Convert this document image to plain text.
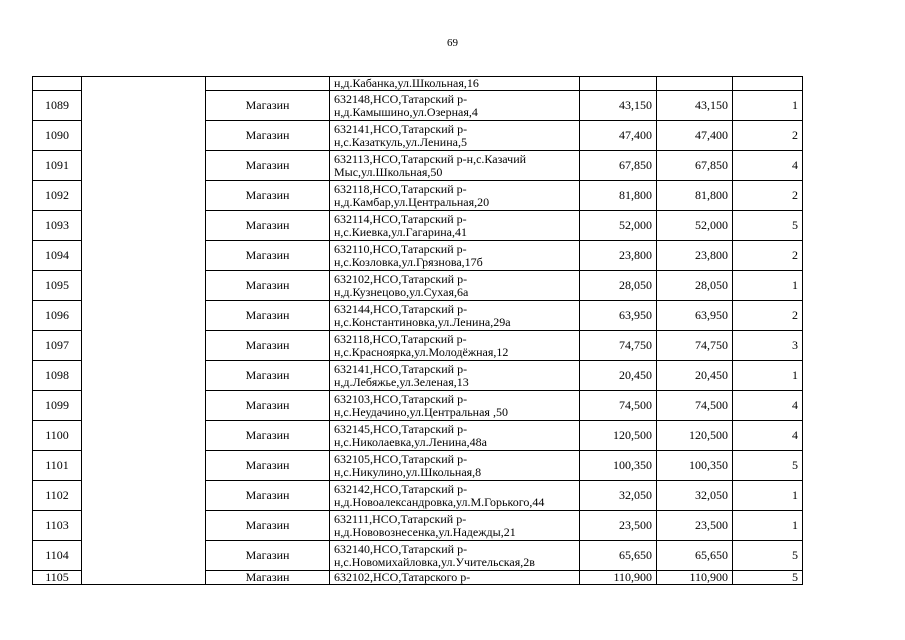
69
			н,д.Кабанка,ул.Школьная,16			
1089		Магазин	632148,НСО,Татарский р-
н,д.Камышино,ул.Озерная,4	43,150	43,150	1
1090		Магазин	632141,НСО,Татарский р-
н,с.Казаткуль,ул.Ленина,5	47,400	47,400	2
1091		Магазин	632113,НСО,Татарский р-н,с.Казачий
Мыс,ул.Школьная,50	67,850	67,850	4
1092		Магазин	632118,НСО,Татарский р-
н,д.Камбар,ул.Центральная,20	81,800	81,800	2
1093		Магазин	632114,НСО,Татарский р-
н,с.Киевка,ул.Гагарина,41	52,000	52,000	5
1094		Магазин	632110,НСО,Татарский р-
н,с.Козловка,ул.Грязнова,17б	23,800	23,800	2
1095		Магазин	632102,НСО,Татарский р-
н,д.Кузнецово,ул.Сухая,6а	28,050	28,050	1
1096		Магазин	632144,НСО,Татарский р-
н,с.Константиновка,ул.Ленина,29а	63,950	63,950	2
1097		Магазин	632118,НСО,Татарский р-
н,с.Красноярка,ул.Молодёжная,12	74,750	74,750	3
1098		Магазин	632141,НСО,Татарский р-
н,д.Лебяжье,ул.Зеленая,13	20,450	20,450	1
1099		Магазин	632103,НСО,Татарский р-
н,с.Неудачино,ул.Центральная ,50	74,500	74,500	4
1100		Магазин	632145,НСО,Татарский р-
н,с.Николаевка,ул.Ленина,48а	120,500	120,500	4
1101		Магазин	632105,НСО,Татарский р-
н,с.Никулино,ул.Школьная,8	100,350	100,350	5
1102		Магазин	632142,НСО,Татарский р-
н,д.Новоалександровка,ул.М.Горького,44	32,050	32,050	1
1103		Магазин	632111,НСО,Татарский р-
н,д.Нововознесенка,ул.Надежды,21	23,500	23,500	1
1104		Магазин	632140,НСО,Татарский р-
н,с.Новомихайловка,ул.Учительская,2в	65,650	65,650	5
1105		Магазин	632102,НСО,Татарского р-	110,900	110,900	5
